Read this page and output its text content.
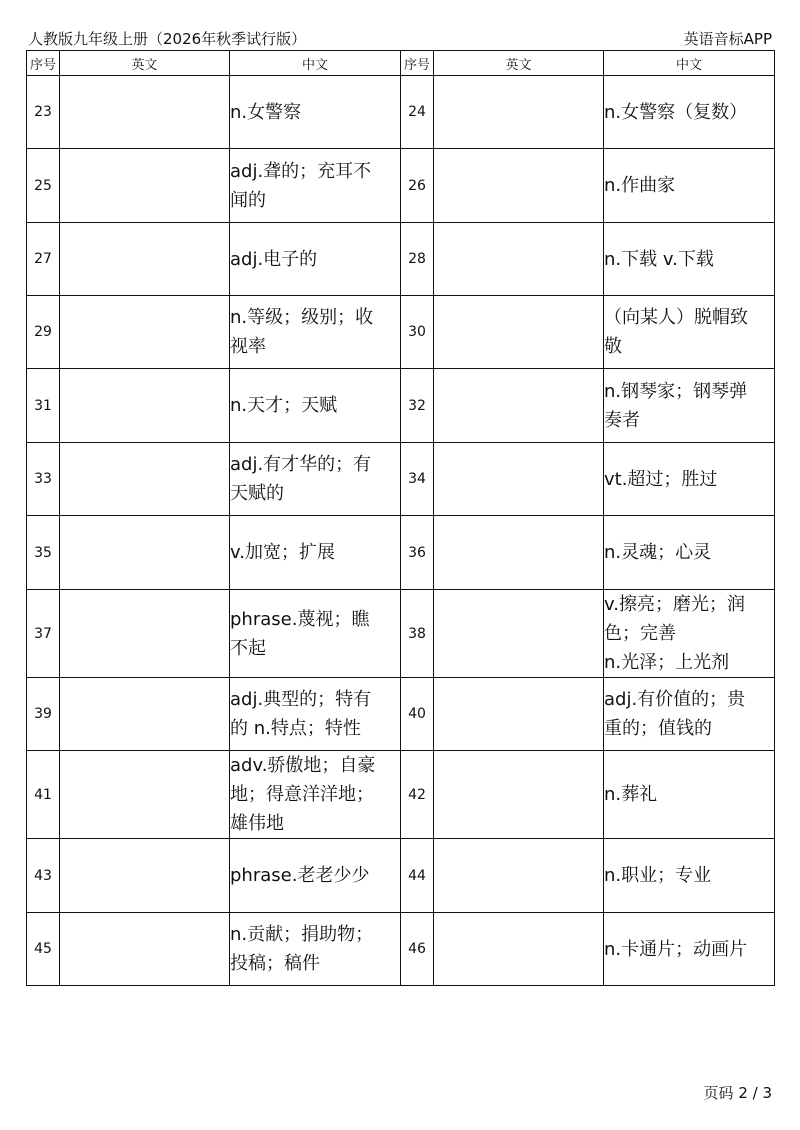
人教版九年级上册（2026年秋季试行版）	英语音标APP
序号	英文	中文	序号	英文	中文
23		n.女警察	24		n.女警察（复数）

25		adj.聋的；充耳不
闻的	26		n.作曲家

27		adj.电子的	28		n.下载 v.下载

29		n.等级；级别；收
视率	30		（向某人）脱帽致
敬

31		n.天才；天赋	32		n.钢琴家；钢琴弹
奏者

33		adj.有才华的；有
天赋的	34		vt.超过；胜过

35		v.加宽；扩展	36		n.灵魂；心灵

37		phrase.蔑视；瞧
不起	38		v.擦亮；磨光；润
色；完善
n.光泽；上光剂

39		adj.典型的；特有
的 n.特点；特性	40		adj.有价值的；贵
重的；值钱的

41		adv.骄傲地；自豪
地；得意洋洋地；
雄伟地	42		n.葬礼

43		phrase.老老少少	44		n.职业；专业

45		n.贡献；捐助物；
投稿；稿件	46		n.卡通片；动画片
页码 2 / 3
